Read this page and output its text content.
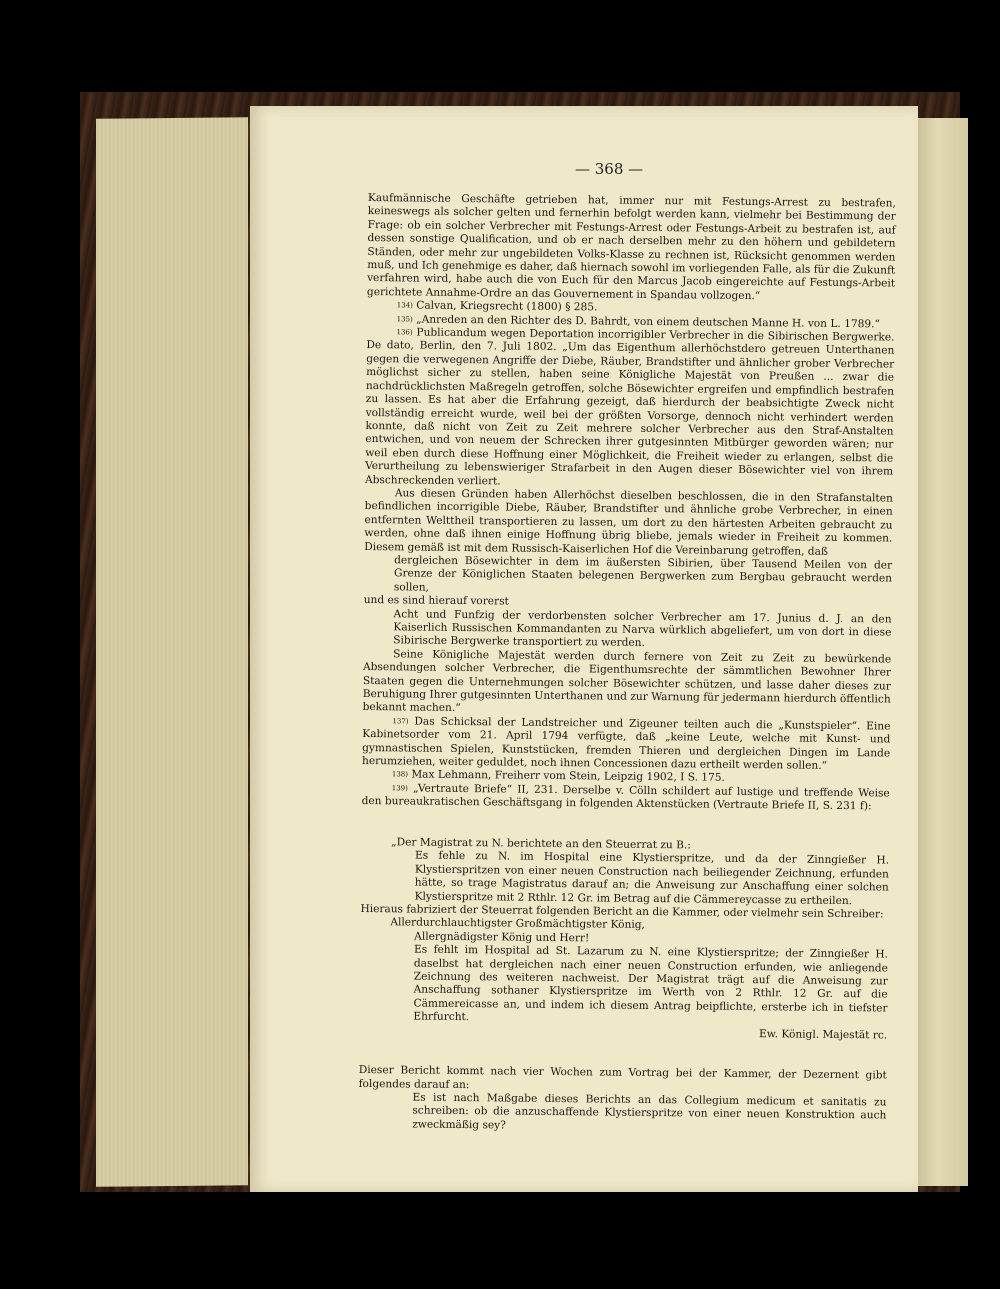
— 368 —

Kaufmännische Geschäfte getrieben hat, immer nur mit Festungs-Arrest zu bestrafen, keineswegs als solcher gelten und fernerhin befolgt werden kann, vielmehr bei Bestimmung der Frage: ob ein solcher Verbrecher mit Festungs-Arrest oder Festungs-Arbeit zu bestrafen ist, auf dessen sonstige Qualification, und ob er nach derselben mehr zu den höhern und gebildetern Ständen, oder mehr zur ungebildeten Volks-Klasse zu rechnen ist, Rücksicht genommen werden muß, und Ich genehmige es daher, daß hiernach sowohl im vorliegenden Falle, als für die Zukunft verfahren wird, habe auch die von Euch für den Marcus Jacob eingereichte auf Festungs-Arbeit gerichtete Annahme-Ordre an das Gouvernement in Spandau vollzogen.“

$^{134)}$ Calvan, Kriegsrecht (1800) § 285.

$^{135)}$ „Anreden an den Richter des D. Bahrdt, von einem deutschen Manne H. von L. 1789.“

$^{136)}$ Publicandum wegen Deportation incorrigibler Verbrecher in die Sibirischen Bergwerke. De dato, Berlin, den 7. Juli 1802. „Um das Eigenthum allerhöchstdero getreuen Unterthanen gegen die verwegenen Angriffe der Diebe, Räuber, Brandstifter und ähnlicher grober Verbrecher möglichst sicher zu stellen, haben seine Königliche Majestät von Preußen ... zwar die nachdrücklichsten Maßregeln getroffen, solche Bösewichter ergreifen und empfindlich bestrafen zu lassen. Es hat aber die Erfahrung gezeigt, daß hierdurch der beabsichtigte Zweck nicht vollständig erreicht wurde, weil bei der größten Vorsorge, dennoch nicht verhindert werden konnte, daß nicht von Zeit zu Zeit mehrere solcher Verbrecher aus den Straf-Anstalten entwichen, und von neuem der Schrecken ihrer gutgesinnten Mitbürger geworden wären; nur weil eben durch diese Hoffnung einer Möglichkeit, die Freiheit wieder zu erlangen, selbst die Verurtheilung zu lebenswieriger Strafarbeit in den Augen dieser Bösewichter viel von ihrem Abschreckenden verliert.

Aus diesen Gründen haben Allerhöchst dieselben beschlossen, die in den Strafanstalten befindlichen incorrigible Diebe, Räuber, Brandstifter und ähnliche grobe Verbrecher, in einen entfernten Welttheil transportieren zu lassen, um dort zu den härtesten Arbeiten gebraucht zu werden, ohne daß ihnen einige Hoffnung übrig bliebe, jemals wieder in Freiheit zu kommen. Diesem gemäß ist mit dem Russisch-Kaiserlichen Hof die Vereinbarung getroffen, daß

dergleichen Bösewichter in dem im äußersten Sibirien, über Tausend Meilen von der Grenze der Königlichen Staaten belegenen Bergwerken zum Bergbau gebraucht werden sollen,

und es sind hierauf vorerst

Acht und Funfzig der verdorbensten solcher Verbrecher am 17. Junius d. J. an den Kaiserlich Russischen Kommandanten zu Narva würklich abgeliefert, um von dort in diese Sibirische Bergwerke transportiert zu werden.

Seine Königliche Majestät werden durch fernere von Zeit zu Zeit zu bewürkende Absendungen solcher Verbrecher, die Eigenthumsrechte der sämmtlichen Bewohner Ihrer Staaten gegen die Unternehmungen solcher Bösewichter schützen, und lasse daher dieses zur Beruhigung Ihrer gutgesinnten Unterthanen und zur Warnung für jedermann hierdurch öffentlich bekannt machen.“

$^{137)}$ Das Schicksal der Landstreicher und Zigeuner teilten auch die „Kunstspieler“. Eine Kabinetsorder vom 21. April 1794 verfügte, daß „keine Leute, welche mit Kunst- und gymnastischen Spielen, Kunststücken, fremden Thieren und dergleichen Dingen im Lande herumziehen, weiter geduldet, noch ihnen Concessionen dazu ertheilt werden sollen.“

$^{138)}$ Max Lehmann, Freiherr vom Stein, Leipzig 1902, I S. 175.

$^{139)}$ „Vertraute Briefe“ II, 231. Derselbe v. Cölln schildert auf lustige und treffende Weise den bureaukratischen Geschäftsgang in folgenden Aktenstücken (Vertraute Briefe II, S. 231 f):

„Der Magistrat zu N. berichtete an den Steuerrat zu B.:

Es fehle zu N. im Hospital eine Klystierspritze, und da der Zinngießer H. Klystierspritzen von einer neuen Construction nach beiliegender Zeichnung, erfunden hätte, so trage Magistratus darauf an; die Anweisung zur Anschaffung einer solchen Klystierspritze mit 2 Rthlr. 12 Gr. im Betrag auf die Cämmereycasse zu ertheilen.

Hieraus fabriziert der Steuerrat folgenden Bericht an die Kammer, oder vielmehr sein Schreiber:

Allerdurchlauchtigster Großmächtigster König,

Allergnädigster König und Herr!

Es fehlt im Hospital ad St. Lazarum zu N. eine Klystierspritze; der Zinngießer H. daselbst hat dergleichen nach einer neuen Construction erfunden, wie anliegende Zeichnung des weiteren nachweist. Der Magistrat trägt auf die Anweisung zur Anschaffung sothaner Klystierspritze im Werth von 2 Rthlr. 12 Gr. auf die Cämmereicasse an, und indem ich diesem Antrag beipflichte, ersterbe ich in tiefster Ehrfurcht.

Ew. Königl. Majestät rc.

Dieser Bericht kommt nach vier Wochen zum Vortrag bei der Kammer, der Dezernent gibt folgendes darauf an:

Es ist nach Maßgabe dieses Berichts an das Collegium medicum et sanitatis zu schreiben: ob die anzuschaffende Klystierspritze von einer neuen Konstruktion auch zweckmäßig sey?
